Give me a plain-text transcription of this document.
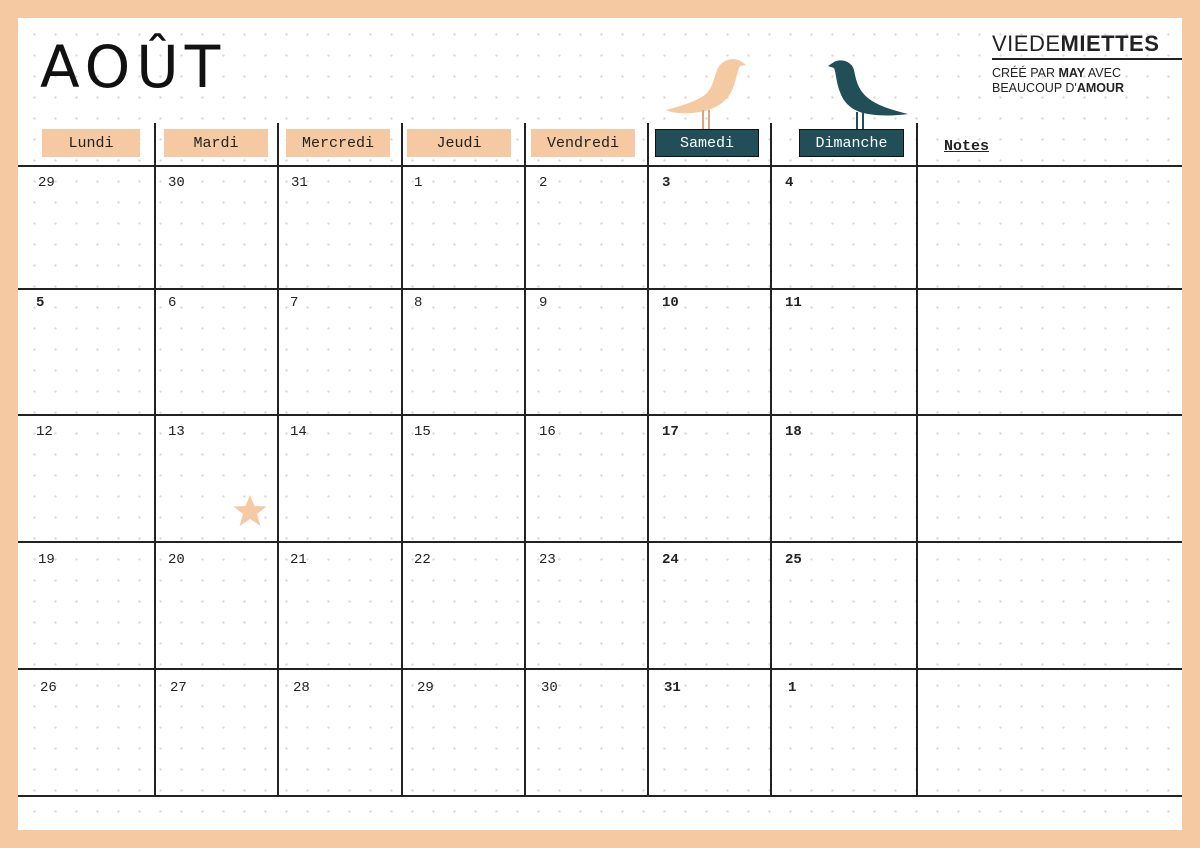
AOÛT	VIEDEMIETTES
CRÉÉ PAR MAY AVEC
BEAUCOUP D'AMOUR
Lundi	Mardi	Mercredi	Jeudi	Vendredi	Samedi	Dimanche	Notes
29	30	31	1	2	3	4
5	6	7	8	9	10	11
12	13	14	15	16	17	18
19	20	21	22	23	24	25
26	27	28	29	30	31	1
